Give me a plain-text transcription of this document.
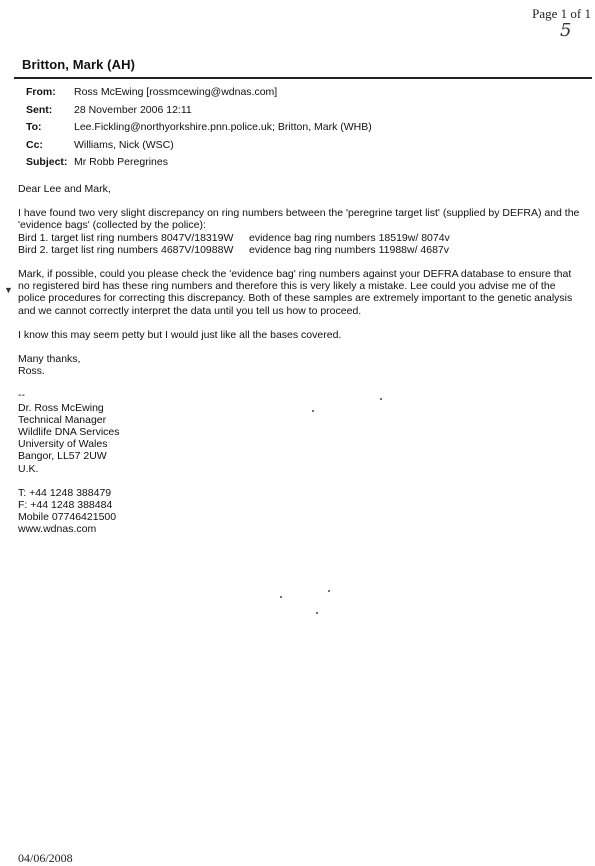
Page 1 of 1
5
Britton, Mark (AH)
From:	Ross McEwing [rossmcewing@wdnas.com]
Sent:	28 November 2006 12:11
To:	Lee.Fickling@northyorkshire.pnn.police.uk; Britton, Mark (WHB)
Cc:	Williams, Nick (WSC)
Subject: Mr Robb Peregrines

Dear Lee and Mark,

I have found two very slight discrepancy on ring numbers between the 'peregrine target list' (supplied by DEFRA) and the

'evidence bags' (collected by the police):

Bird 1. target list ring numbers 8047V/18319W	evidence bag ring numbers 18519w/ 8074v
Bird 2. target list ring numbers 4687V/10988W	evidence bag ring numbers 11988w/ 4687v

Mark, if possible, could you please check the 'evidence bag' ring numbers against your DEFRA database to ensure that

no registered bird has these ring numbers and therefore this is very likely a mistake. Lee could you advise me of the

police procedures for correcting this discrepancy. Both of these samples are extremely important to the genetic analysis

and we cannot correctly interpret the data until you tell us how to proceed.

I know this may seem petty but I would just like all the bases covered.

Many thanks,

Ross.

--

Dr. Ross McEwing

Technical Manager

Wildlife DNA Services

University of Wales

Bangor, LL57 2UW

U.K.

T: +44 1248 388479

F: +44 1248 388484

Mobile 07746421500

www.wdnas.com

▼
04/06/2008
